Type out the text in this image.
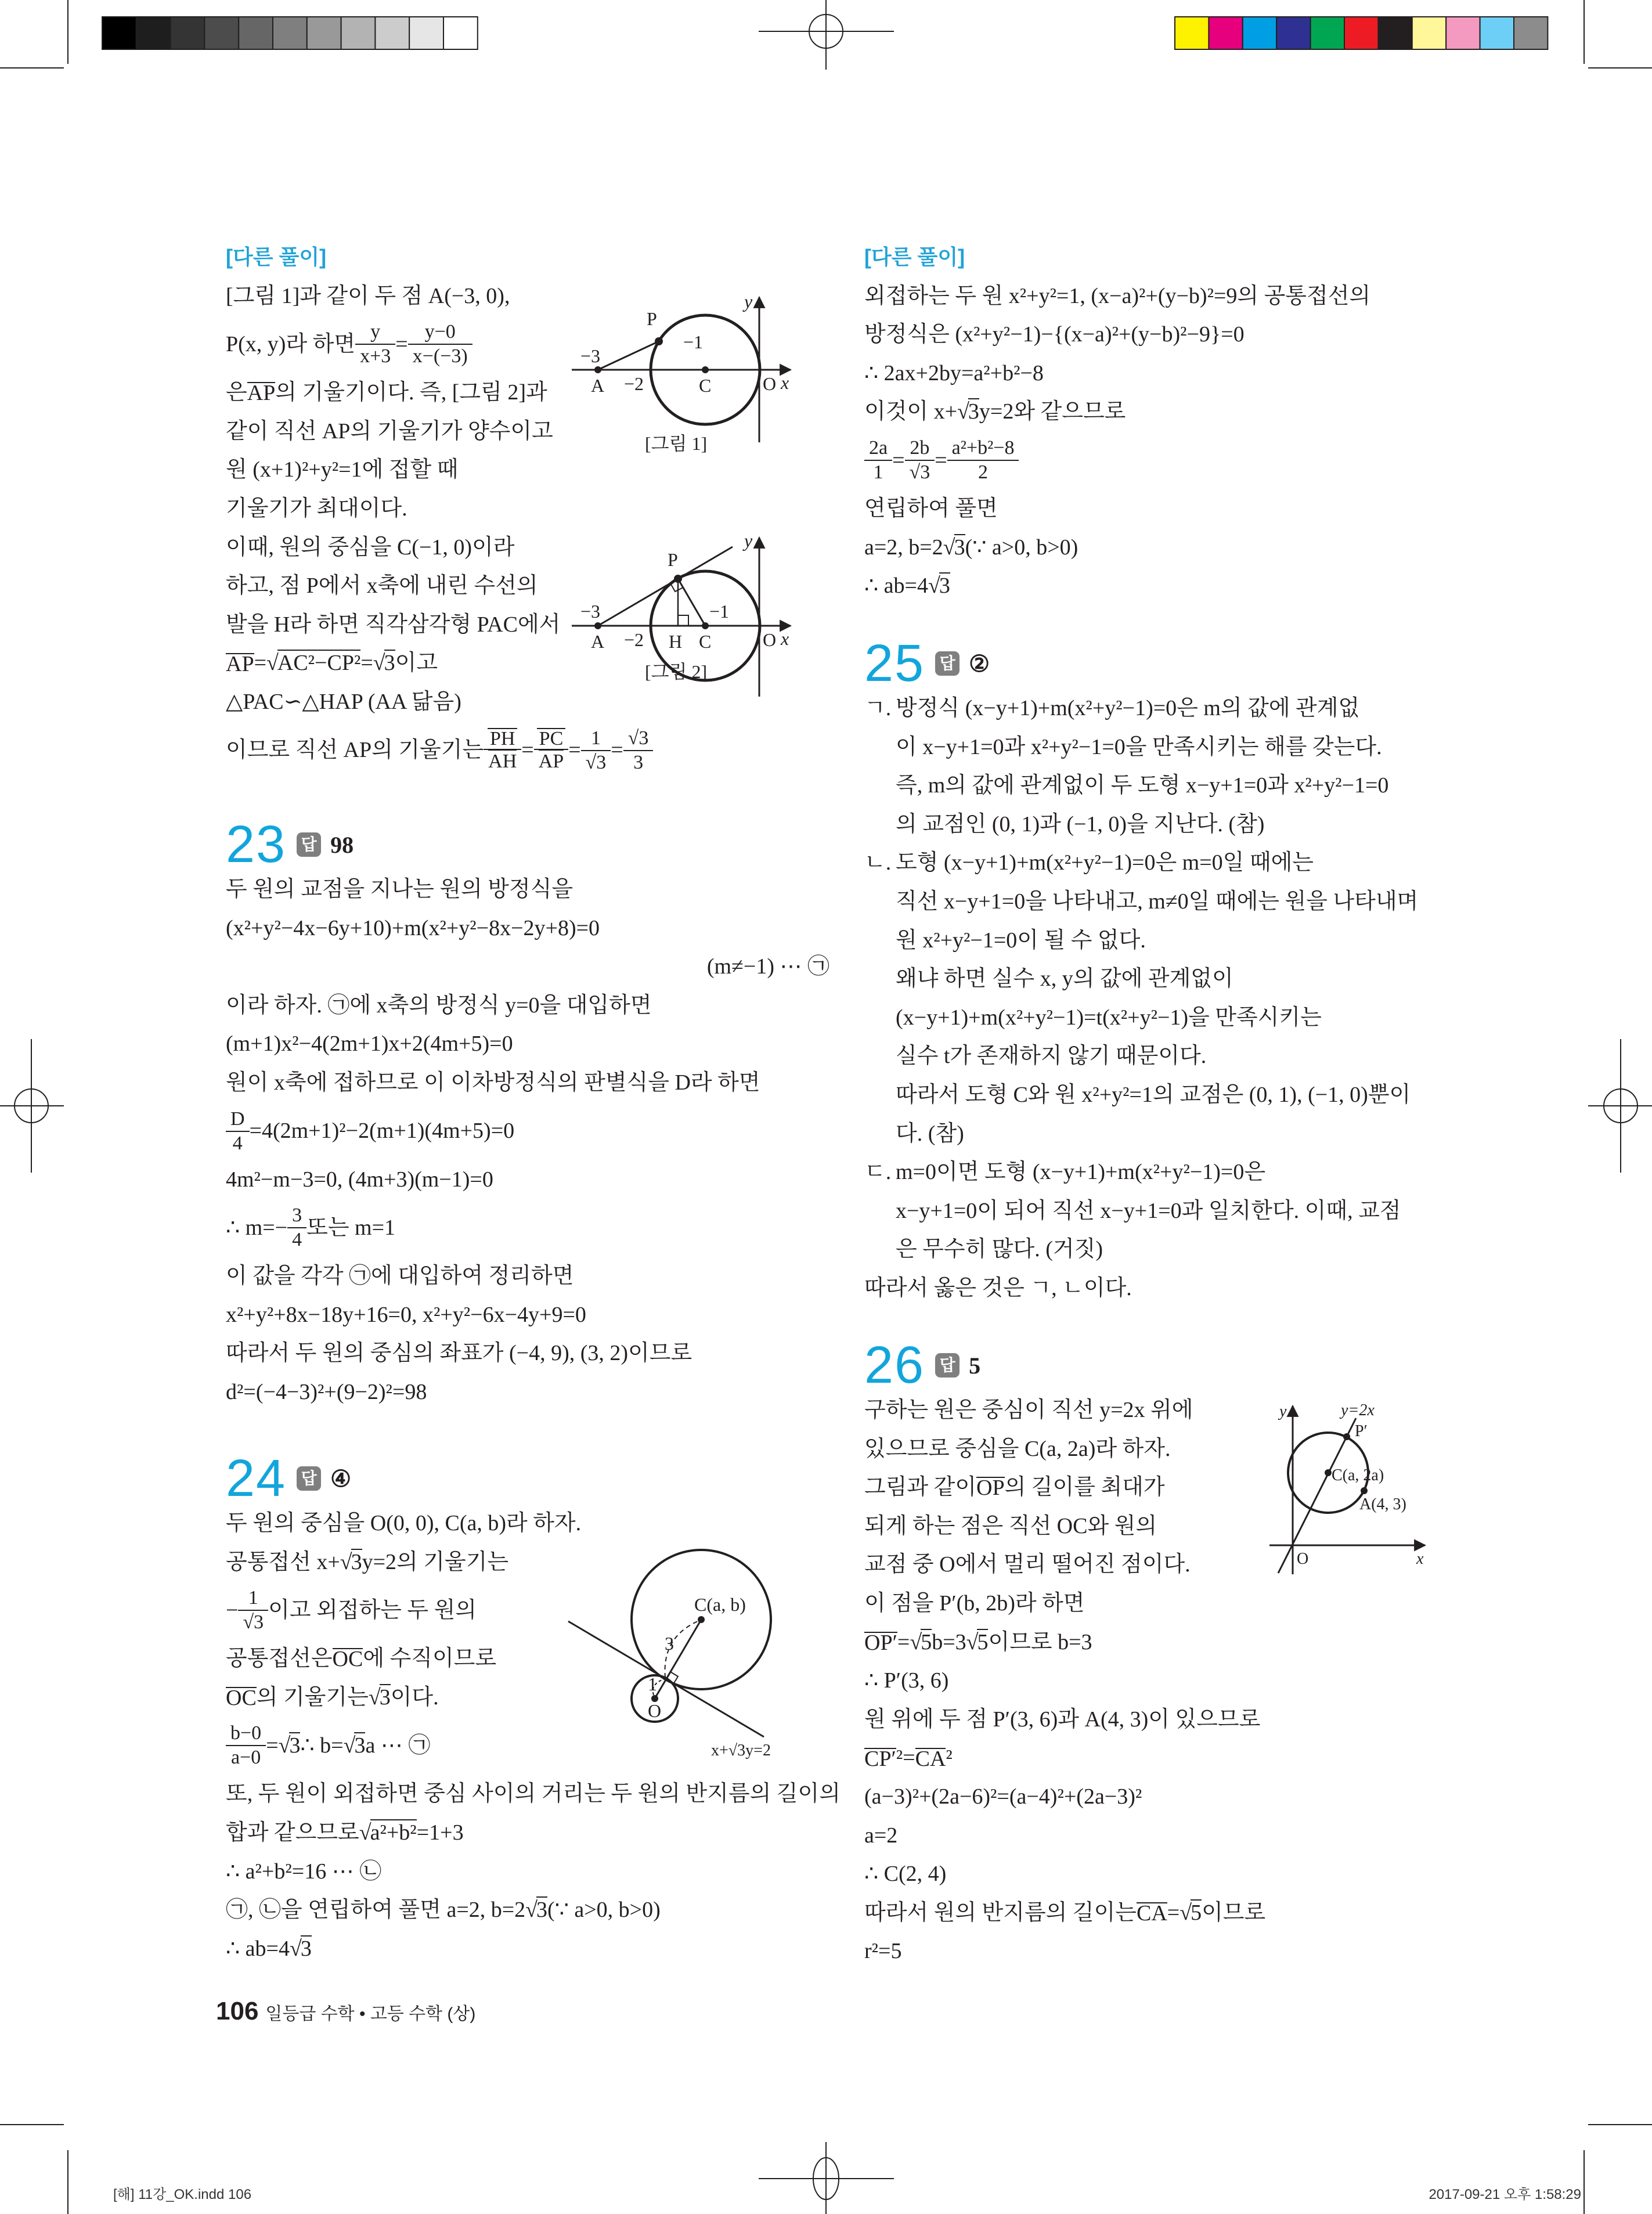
−3
A −2
−1
C	O x
y
P
[그림 1]
−3
A −2 H
−1
C	O x
y
P
[그림 2]
C(a, b)
3
1
O
x+√3y=2
y=2x
P′
C(a, 2a)
A(4, 3)
O	x
y
[다른 풀이]
[그림 1]과 같이 두 점 A(−3, 0),
P(x, y)라 하면 $\frac{y}{x+3} = \frac{y-0}{x-(-3)}$
은 AP 의 기울기이다. 즉, [그림 2]과
같이 직선 AP의 기울기가 양수이고
원 (x+1)²+y²=1에 접할 때
기울기가 최대이다.
이때, 원의 중심을 C(−1, 0)이라
하고, 점 P에서 x축에 내린 수선의
발을 H라 하면 직각삼각형 PAC에서
AP = √AC²−CP² = √3 이고
△PAC∽△HAP (AA 닮음)
이므로 직선 AP의 기울기는 $\frac{PH}{AH} = \frac{PC}{AP} = \frac{1}{√3} = \frac{√3}{3}$
23 답 98
두 원의 교점을 지나는 원의 방정식을
(x²+y²−4x−6y+10)+m(x²+y²−8x−2y+8)=0
(m≠−1) ⋯ ㉠
이라 하자. ㉠에 x축의 방정식 y=0을 대입하면
(m+1)x²−4(2m+1)x+2(4m+5)=0
원이 x축에 접하므로 이 이차방정식의 판별식을 D라 하면
$\frac{D}{4} =4(2m+1)^2-2(m+1)(4m+5)=0$
4m²−m−3=0, (4m+3)(m−1)=0
∴ $m=- \frac{3}{4}$ 또는 m=1
이 값을 각각 ㉠에 대입하여 정리하면
x²+y²+8x−18y+16=0, x²+y²−6x−4y+9=0
따라서 두 원의 중심의 좌표가 (−4, 9), (3, 2)이므로
d²=(−4−3)²+(9−2)²=98
24 답 ④
두 원의 중심을 O(0, 0), C(a, b)라 하자.
공통접선 x+ √3 y=2의 기울기는
− $\frac{1}{√3}$ 이고 외접하는 두 원의
공통접선은 OC 에 수직이므로
OC 의 기울기는 √3 이다.
$\frac{b-0}{a-0} = √3$ ∴ b= √3 a ⋯ ㉠
또, 두 원이 외접하면 중심 사이의 거리는 두 원의 반지름의 길이의
합과 같으므로 √a²+b² =1+3
∴ a²+b²=16 ⋯ ㉡
㉠, ㉡을 연립하여 풀면 a=2, b=2 √3 (∵ a>0, b>0)
∴ ab=4 √3
[다른 풀이]
외접하는 두 원 x²+y²=1, (x−a)²+(y−b)²=9의 공통접선의
방정식은 (x²+y²−1)−{(x−a)²+(y−b)²−9}=0
∴ 2ax+2by=a²+b²−8
이것이 x+ √3 y=2와 같으므로
$\frac{2a}{1} = \frac{2b}{√3} = \frac{\text{a²+b²−8}}{2}$
연립하여 풀면
a=2, b=2 √3 (∵ a>0, b>0)
∴ ab=4 √3
25 답 ②
ㄱ. 방정식 (x−y+1)+m(x²+y²−1)=0은 m의 값에 관계없
이 x−y+1=0과 x²+y²−1=0을 만족시키는 해를 갖는다.
즉, m의 값에 관계없이 두 도형 x−y+1=0과 x²+y²−1=0
의 교점인 (0, 1)과 (−1, 0)을 지난다. (참)
ㄴ. 도형 (x−y+1)+m(x²+y²−1)=0은 m=0일 때에는
직선 x−y+1=0을 나타내고, m≠0일 때에는 원을 나타내며
원 x²+y²−1=0이 될 수 없다.
왜냐 하면 실수 x, y의 값에 관계없이
(x−y+1)+m(x²+y²−1)=t(x²+y²−1)을 만족시키는
실수 t가 존재하지 않기 때문이다.
따라서 도형 C와 원 x²+y²=1의 교점은 (0, 1), (−1, 0)뿐이
다. (참)
ㄷ. m=0이면 도형 (x−y+1)+m(x²+y²−1)=0은
x−y+1=0이 되어 직선 x−y+1=0과 일치한다. 이때, 교점
은 무수히 많다. (거짓)
따라서 옳은 것은 ㄱ, ㄴ이다.
26 답 5
구하는 원은 중심이 직선 y=2x 위에
있으므로 중심을 C(a, 2a)라 하자.
그림과 같이 OP 의 길이를 최대가
되게 하는 점은 직선 OC와 원의
교점 중 O에서 멀리 떨어진 점이다.
이 점을 P′(b, 2b)라 하면
OP′ = √5 b=3 √5 이므로 b=3
∴ P′(3, 6)
원 위에 두 점 P′(3, 6)과 A(4, 3)이 있으므로
CP′ ²= CA ²
(a−3)²+(2a−6)²=(a−4)²+(2a−3)²
a=2
∴ C(2, 4)
따라서 원의 반지름의 길이는 CA = √5 이므로
r²=5
106 일등급 수학 • 고등 수학 (상)
[해] 11강_OK.indd 106	2017-09-21 오후 1:58:29
